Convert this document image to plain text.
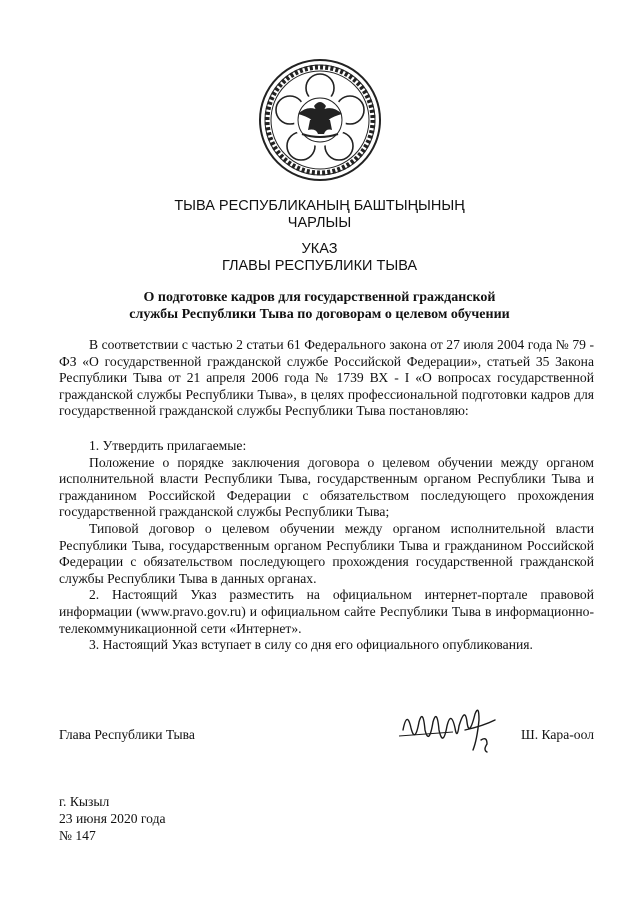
ТЫВА РЕСПУБЛИКАНЫҢ БАШТЫҢЫНЫҢ
ЧАРЛЫЫ
УКАЗ
ГЛАВЫ РЕСПУБЛИКИ ТЫВА
О подготовке кадров для государственной гражданской
службы Республики Тыва по договорам о целевом обучении

В соответствии с частью 2 статьи 61 Федерального закона от 27 июля 2004 года № 79 - ФЗ «О государственной гражданской службе Российской Федерации», статьей 35 Закона Республики Тыва от 21 апреля 2006 года № 1739 ВХ - I «О вопросах государственной гражданской службы Республики Тыва», в целях профессиональной подготовки кадров для государственной гражданской службы Республики Тыва постановляю:

1. Утвердить прилагаемые:

Положение о порядке заключения договора о целевом обучении между органом исполнительной власти Республики Тыва, государственным органом Республики Тыва и гражданином Российской Федерации с обязательством последующего прохождения государственной гражданской службы Республики Тыва;

Типовой договор о целевом обучении между органом исполнительной власти Республики Тыва, государственным органом Республики Тыва и гражданином Российской Федерации с обязательством последующего прохождения государственной гражданской службы Республики Тыва в данных органах.

2. Настоящий Указ разместить на официальном интернет-портале правовой информации (www.pravo.gov.ru) и официальном сайте Республики Тыва в информационно-телекоммуникационной сети «Интернет».

3. Настоящий Указ вступает в силу со дня его официального опубликования.

Глава Республики Тыва	Ш. Кара-оол
г. Кызыл
23 июня 2020 года
№ 147
